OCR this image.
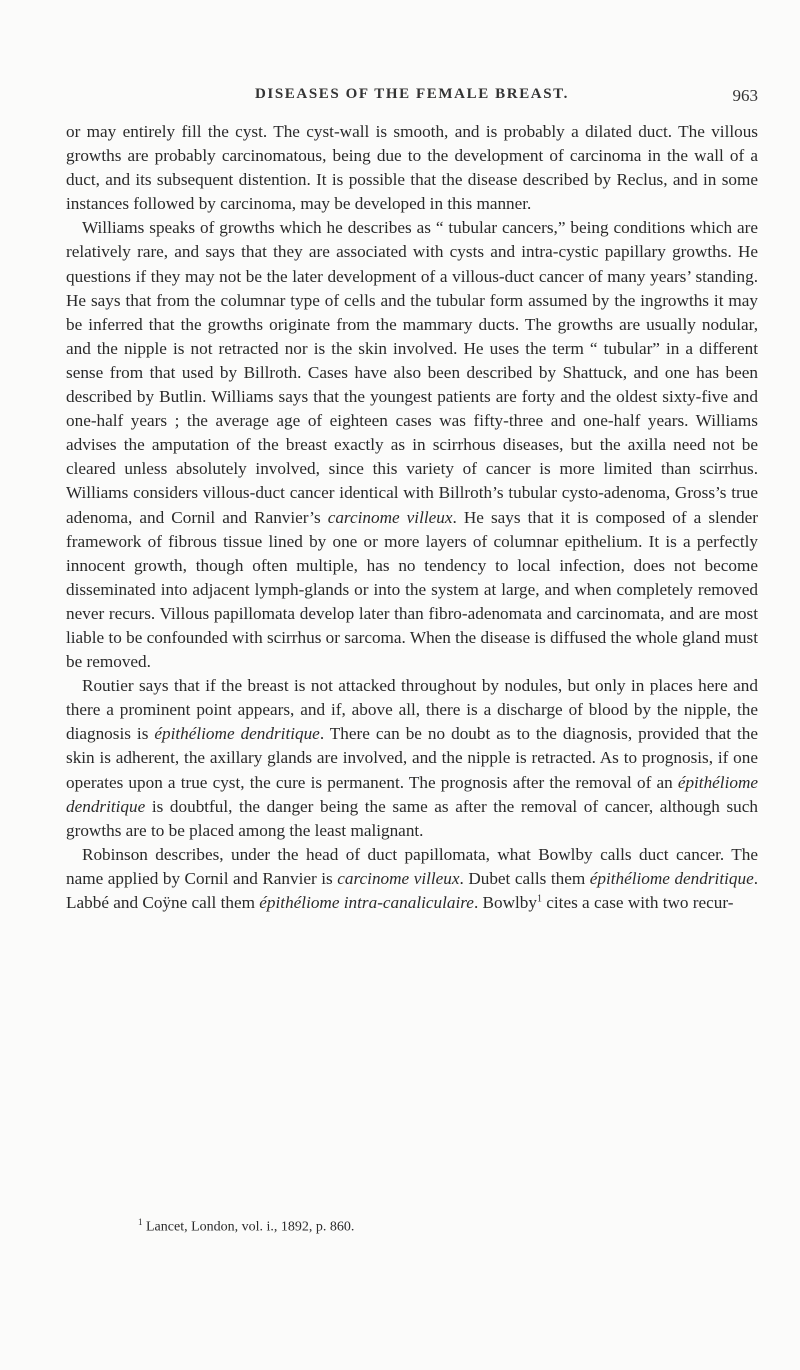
DISEASES OF THE FEMALE BREAST.	963

or may entirely fill the cyst. The cyst-wall is smooth, and is probably a dilated duct. The villous growths are probably carcinomatous, being due to the development of carcinoma in the wall of a duct, and its subsequent distention. It is possible that the disease described by Reclus, and in some instances followed by carcinoma, may be developed in this manner.

Williams speaks of growths which he describes as “ tubular cancers,” being conditions which are relatively rare, and says that they are associated with cysts and intra-cystic papillary growths. He questions if they may not be the later development of a villous-duct cancer of many years’ standing. He says that from the columnar type of cells and the tubular form assumed by the ingrowths it may be inferred that the growths originate from the mammary ducts. The growths are usually nodular, and the nipple is not retracted nor is the skin involved. He uses the term “ tubular” in a different sense from that used by Billroth. Cases have also been described by Shattuck, and one has been described by Butlin. Williams says that the youngest patients are forty and the oldest sixty-five and one-half years ; the average age of eighteen cases was fifty-three and one-half years. Williams advises the amputation of the breast exactly as in scirrhous diseases, but the axilla need not be cleared unless absolutely involved, since this variety of cancer is more limited than scirrhus. Williams considers villous-duct cancer identical with Billroth’s tubular cysto-adenoma, Gross’s true adenoma, and Cornil and Ranvier’s carcinome villeux. He says that it is composed of a slender framework of fibrous tissue lined by one or more layers of columnar epithelium. It is a perfectly innocent growth, though often multiple, has no tendency to local infection, does not become disseminated into adjacent lymph-glands or into the system at large, and when completely removed never recurs. Villous papillomata develop later than fibro-adenomata and carcinomata, and are most liable to be confounded with scirrhus or sarcoma. When the disease is diffused the whole gland must be removed.

Routier says that if the breast is not attacked throughout by nodules, but only in places here and there a prominent point appears, and if, above all, there is a discharge of blood by the nipple, the diagnosis is épithéliome dendritique. There can be no doubt as to the diagnosis, provided that the skin is adherent, the axillary glands are involved, and the nipple is retracted. As to prognosis, if one operates upon a true cyst, the cure is permanent. The prognosis after the removal of an épithéliome dendritique is doubtful, the danger being the same as after the removal of cancer, although such growths are to be placed among the least malignant.

Robinson describes, under the head of duct papillomata, what Bowlby calls duct cancer. The name applied by Cornil and Ranvier is carcinome villeux. Dubet calls them épithéliome dendritique. Labbé and Coÿne call them épithéliome intra-canaliculaire. Bowlby$^1$ cites a case with two recur-

$^1$ Lancet, London, vol. i., 1892, p. 860.
